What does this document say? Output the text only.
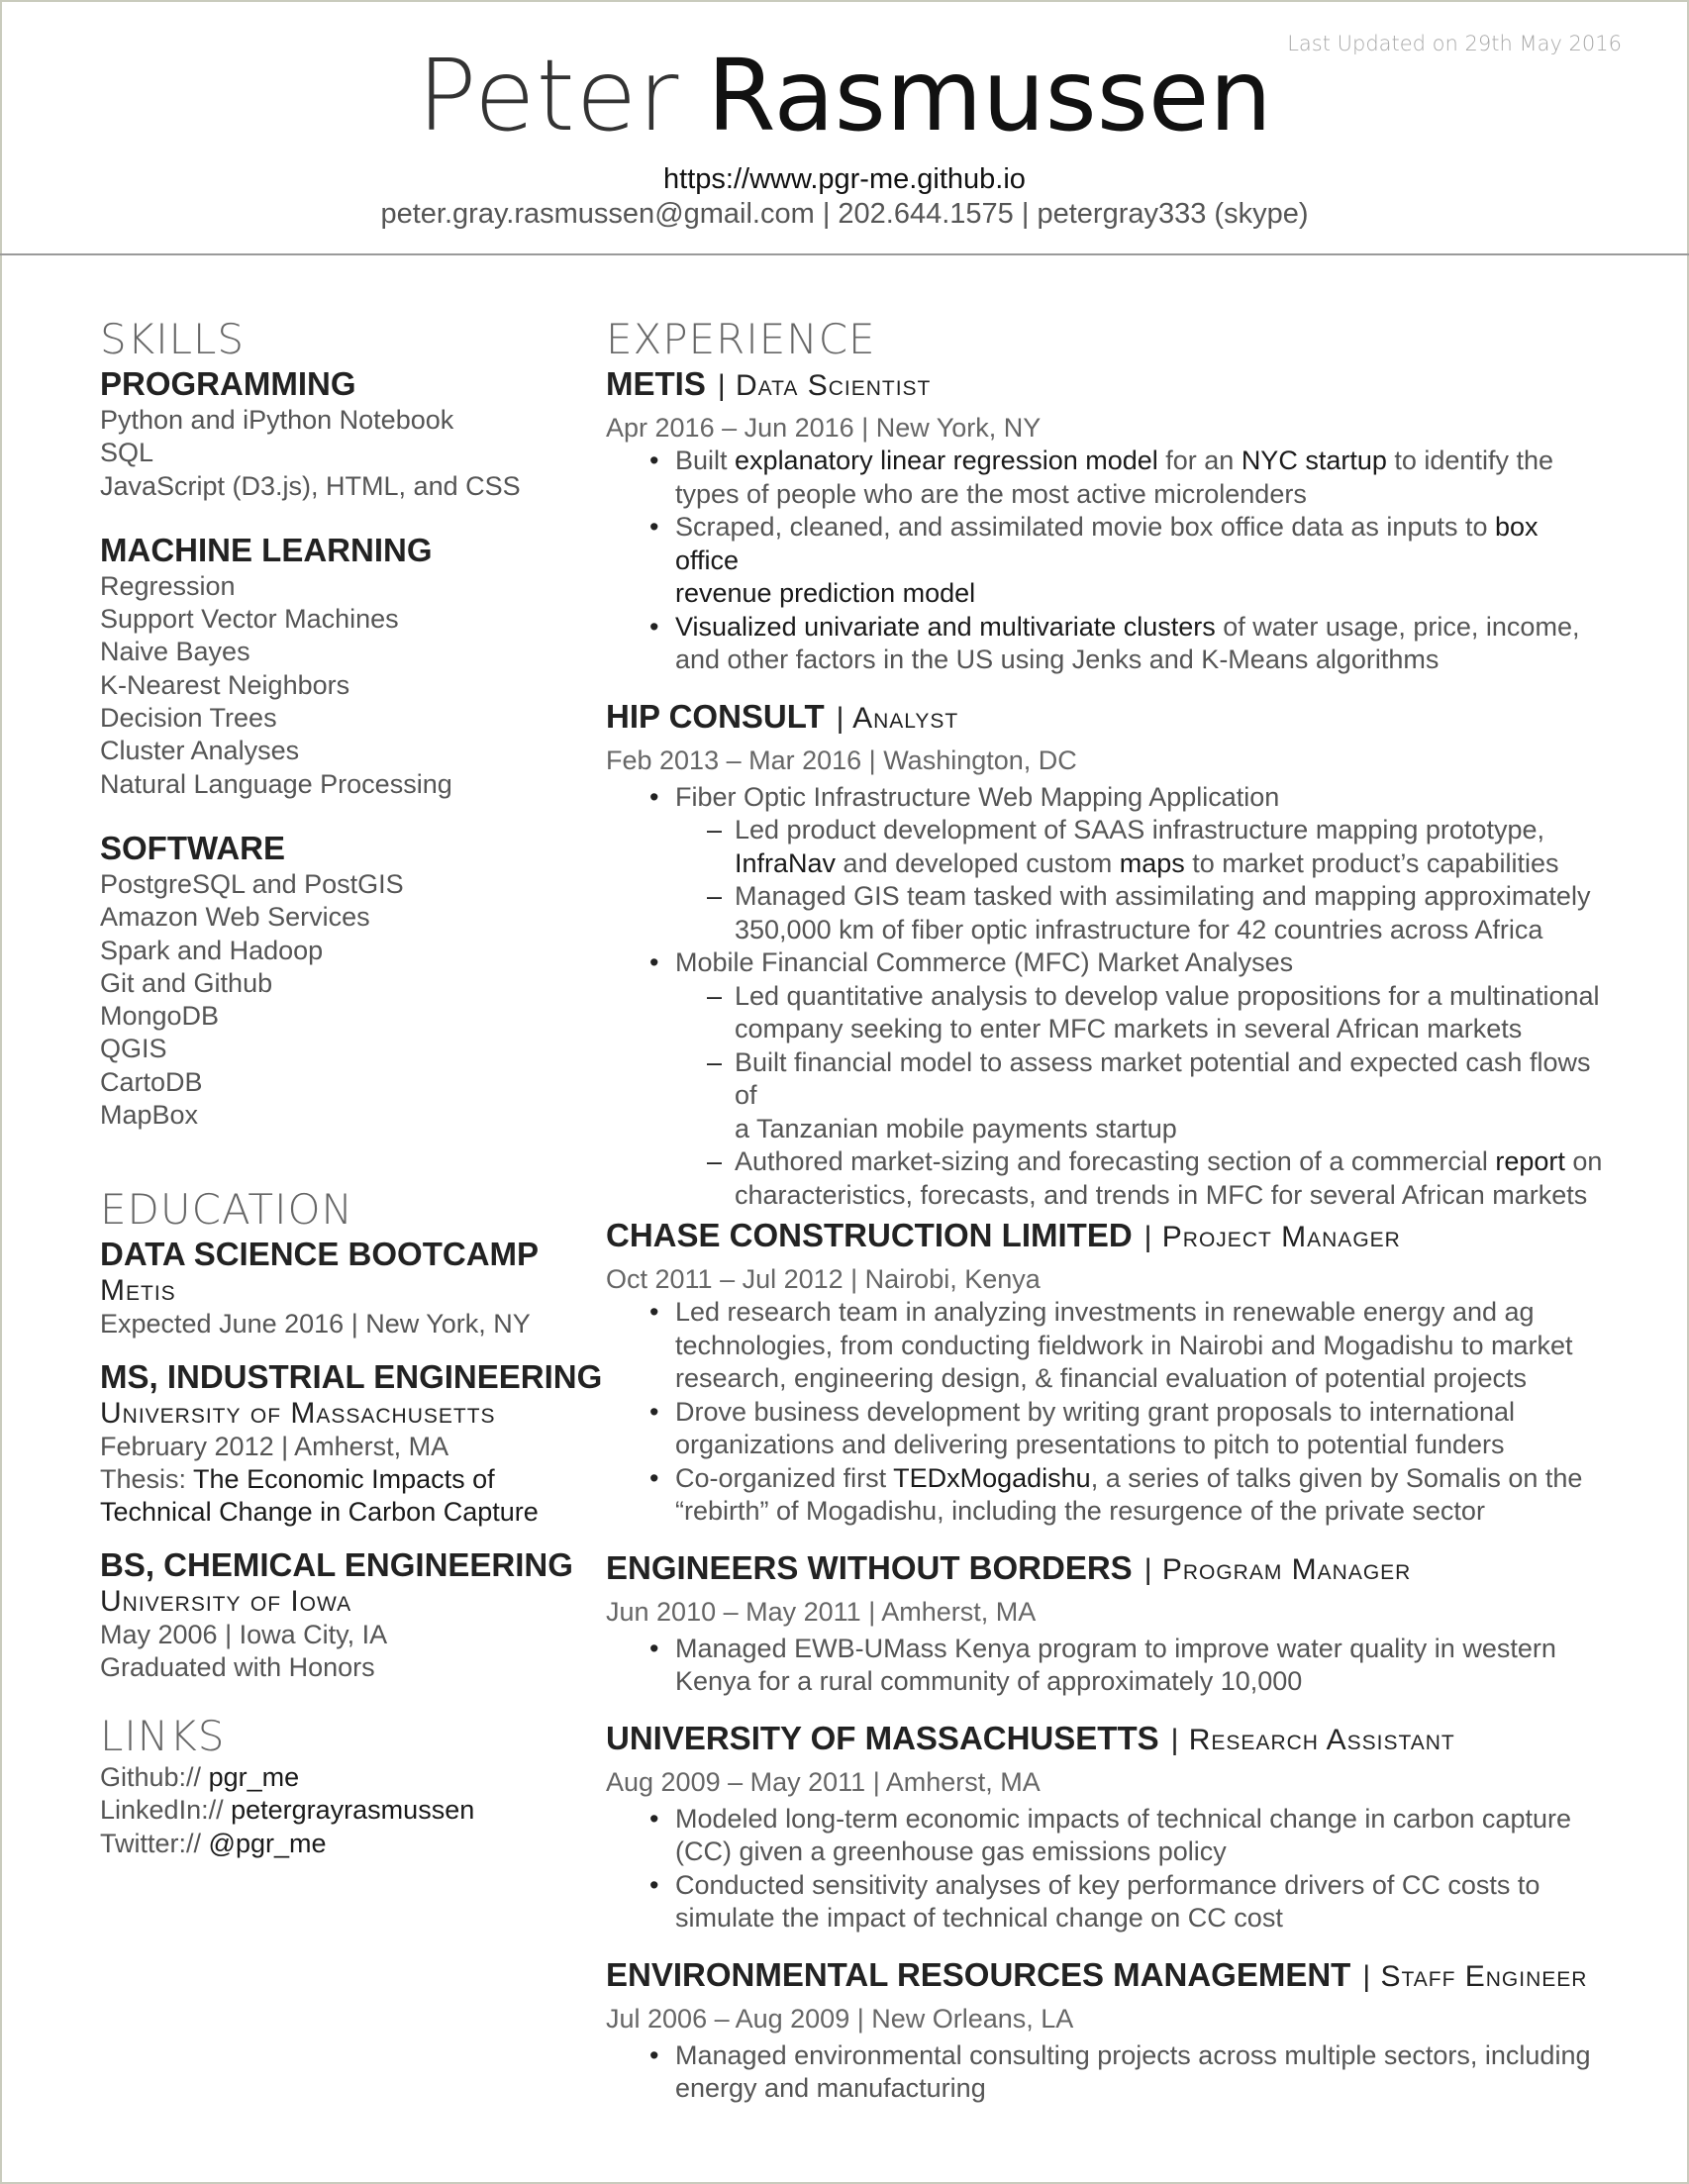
Last Updated on 29th May 2016
Peter Rasmussen
https://www.pgr-me.github.io
peter.gray.rasmussen@gmail.com | 202.644.1575 | petergray333 (skype)
SKILLS
PROGRAMMING
Python and iPython Notebook
SQL
JavaScript (D3.js), HTML, and CSS
MACHINE LEARNING
Regression
Support Vector Machines
Naive Bayes
K-Nearest Neighbors
Decision Trees
Cluster Analyses
Natural Language Processing
SOFTWARE
PostgreSQL and PostGIS
Amazon Web Services
Spark and Hadoop
Git and Github
MongoDB
QGIS
CartoDB
MapBox
EDUCATION
DATA SCIENCE BOOTCAMP
Metis
Expected June 2016 | New York, NY
MS, INDUSTRIAL ENGINEERING
University of Massachusetts
February 2012 | Amherst, MA
Thesis: The Economic Impacts of
Technical Change in Carbon Capture
BS, CHEMICAL ENGINEERING
University of Iowa
May 2006 | Iowa City, IA
Graduated with Honors
LINKS
Github:// pgr_me
LinkedIn:// petergrayrasmussen
Twitter:// @pgr_me
EXPERIENCE
METIS | Data Scientist
Apr 2016 – Jun 2016 | New York, NY
• Built explanatory linear regression model for an NYC startup to identify the
types of people who are the most active microlenders
• Scraped, cleaned, and assimilated movie box office data as inputs to box office
revenue prediction model
• Visualized univariate and multivariate clusters of water usage, price, income,
and other factors in the US using Jenks and K-Means algorithms
HIP CONSULT | Analyst
Feb 2013 – Mar 2016 | Washington, DC
• Fiber Optic Infrastructure Web Mapping Application
– Led product development of SAAS infrastructure mapping prototype,
InfraNav and developed custom maps to market product’s capabilities
– Managed GIS team tasked with assimilating and mapping approximately
350,000 km of fiber optic infrastructure for 42 countries across Africa
• Mobile Financial Commerce (MFC) Market Analyses
– Led quantitative analysis to develop value propositions for a multinational
company seeking to enter MFC markets in several African markets
– Built financial model to assess market potential and expected cash flows of
a Tanzanian mobile payments startup
– Authored market-sizing and forecasting section of a commercial report on
characteristics, forecasts, and trends in MFC for several African markets
CHASE CONSTRUCTION LIMITED | Project Manager
Oct 2011 – Jul 2012 | Nairobi, Kenya
• Led research team in analyzing investments in renewable energy and ag
technologies, from conducting fieldwork in Nairobi and Mogadishu to market
research, engineering design, & financial evaluation of potential projects
• Drove business development by writing grant proposals to international
organizations and delivering presentations to pitch to potential funders
• Co-organized first TEDxMogadishu, a series of talks given by Somalis on the
“rebirth” of Mogadishu, including the resurgence of the private sector
ENGINEERS WITHOUT BORDERS | Program Manager
Jun 2010 – May 2011 | Amherst, MA
• Managed EWB-UMass Kenya program to improve water quality in western
Kenya for a rural community of approximately 10,000
UNIVERSITY OF MASSACHUSETTS | Research Assistant
Aug 2009 – May 2011 | Amherst, MA
• Modeled long-term economic impacts of technical change in carbon capture
(CC) given a greenhouse gas emissions policy
• Conducted sensitivity analyses of key performance drivers of CC costs to
simulate the impact of technical change on CC cost
ENVIRONMENTAL RESOURCES MANAGEMENT | Staff Engineer
Jul 2006 – Aug 2009 | New Orleans, LA
• Managed environmental consulting projects across multiple sectors, including
energy and manufacturing
